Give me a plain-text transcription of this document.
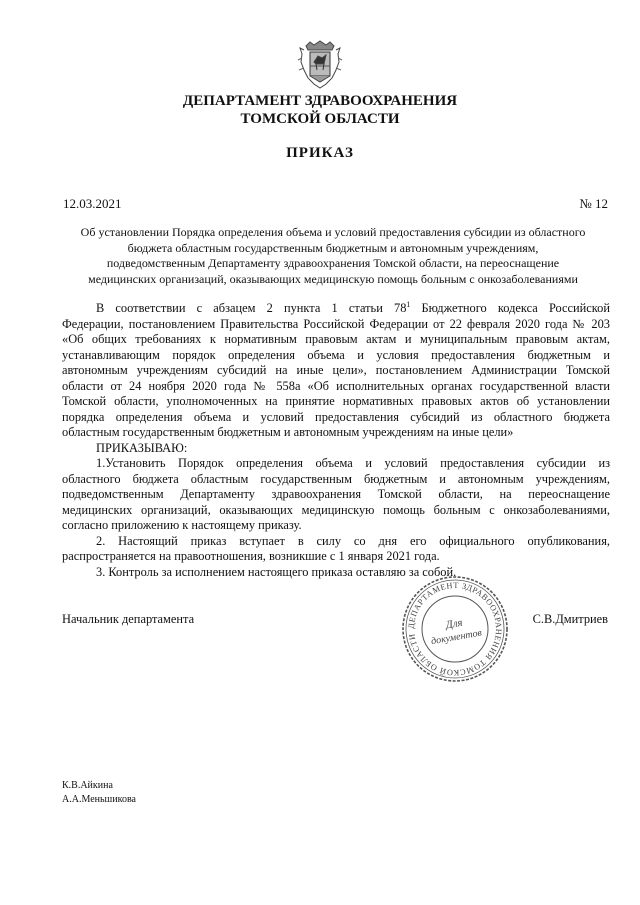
ДЕПАРТАМЕНТ ЗДРАВООХРАНЕНИЯ
ТОМСКОЙ ОБЛАСТИ
ПРИКАЗ
12.03.2021	№ 12
Об установлении Порядка определения объема и условий предоставления субсидии из областного
бюджета областным государственным бюджетным и автономным учреждениям,
подведомственным Департаменту здравоохранения Томской области, на переоснащение
медицинских организаций, оказывающих медицинскую помощь больным с онкозаболеваниями
В соответствии с абзацем 2 пункта 1 статьи $78^1$ Бюджетного кодекса Российской
Федерации, постановлением Правительства Российской Федерации от 22 февраля 2020 года № 203
«Об общих требованиях к нормативным правовым актам и муниципальным правовым актам,
устанавливающим порядок определения объема и условия предоставления бюджетным и
автономным учреждениям субсидий на иные цели», постановлением Администрации Томской
области от 24 ноября 2020 года № 558а «Об исполнительных органах государственной власти
Томской области, уполномоченных на принятие нормативных правовых актов об установлении
порядка определения объема и условий предоставления субсидий из областного бюджета
областным государственным бюджетным и автономным учреждениям на иные цели»
ПРИКАЗЫВАЮ:
1.Установить Порядок определения объема и условий предоставления субсидии из
областного бюджета областным государственным бюджетным и автономным учреждениям,
подведомственным Департаменту здравоохранения Томской области, на переоснащение
медицинских организаций, оказывающих медицинскую помощь больным с онкозаболеваниями,
согласно приложению к настоящему приказу.
2. Настоящий приказ вступает в силу со дня его официального опубликования,
распространяется на правоотношения, возникшие с 1 января 2021 года.
3. Контроль за исполнением настоящего приказа оставляю за собой.
Начальник департамента	С.В.Дмитриев
ДЕПАРТАМЕНТ ЗДРАВООХРАНЕНИЯ ТОМСКОЙ ОБЛАСТИ
Для
документов
К.В.Айкина
А.А.Меньшикова
